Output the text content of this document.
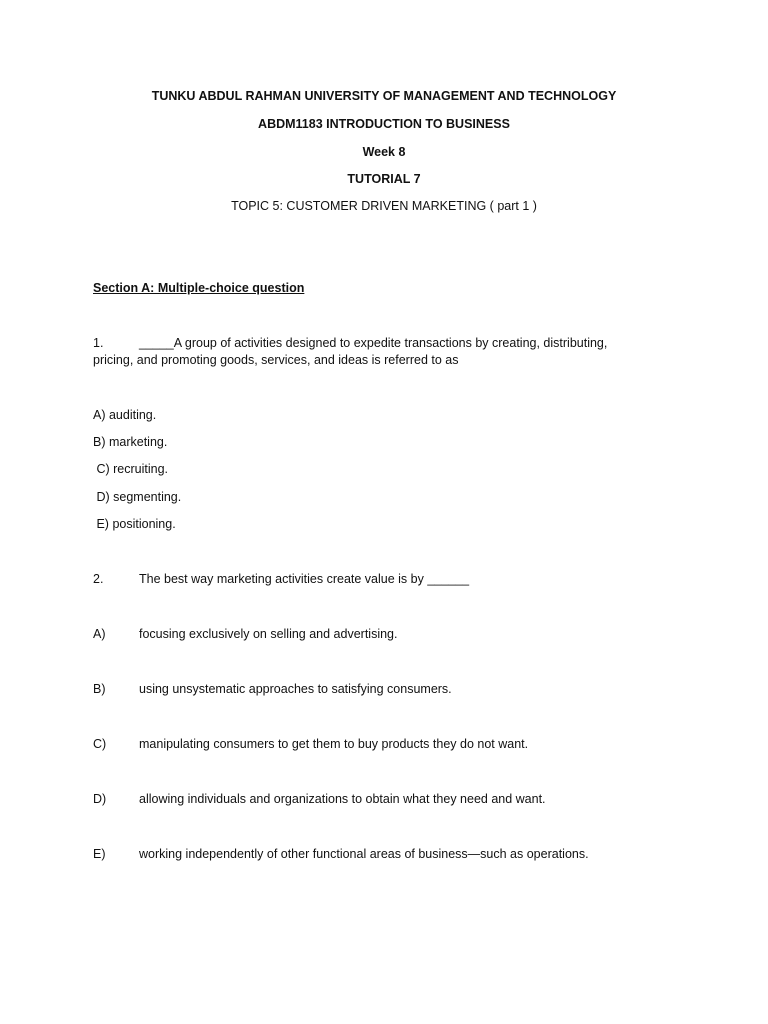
TUNKU ABDUL RAHMAN UNIVERSITY OF MANAGEMENT AND TECHNOLOGY
ABDM1183 INTRODUCTION TO BUSINESS
Week 8
TUTORIAL 7
TOPIC 5: CUSTOMER DRIVEN MARKETING ( part 1 )
Section A: Multiple-choice question
1.	_____A group of activities designed to expedite transactions by creating, distributing,
pricing, and promoting goods, services, and ideas is referred to as
A) auditing.
B) marketing.
C) recruiting.
D) segmenting.
E) positioning.
2.	The best way marketing activities create value is by ______
A)	focusing exclusively on selling and advertising.
B)	using unsystematic approaches to satisfying consumers.
C)	manipulating consumers to get them to buy products they do not want.
D)	allowing individuals and organizations to obtain what they need and want.
E)	working independently of other functional areas of business—such as operations.
